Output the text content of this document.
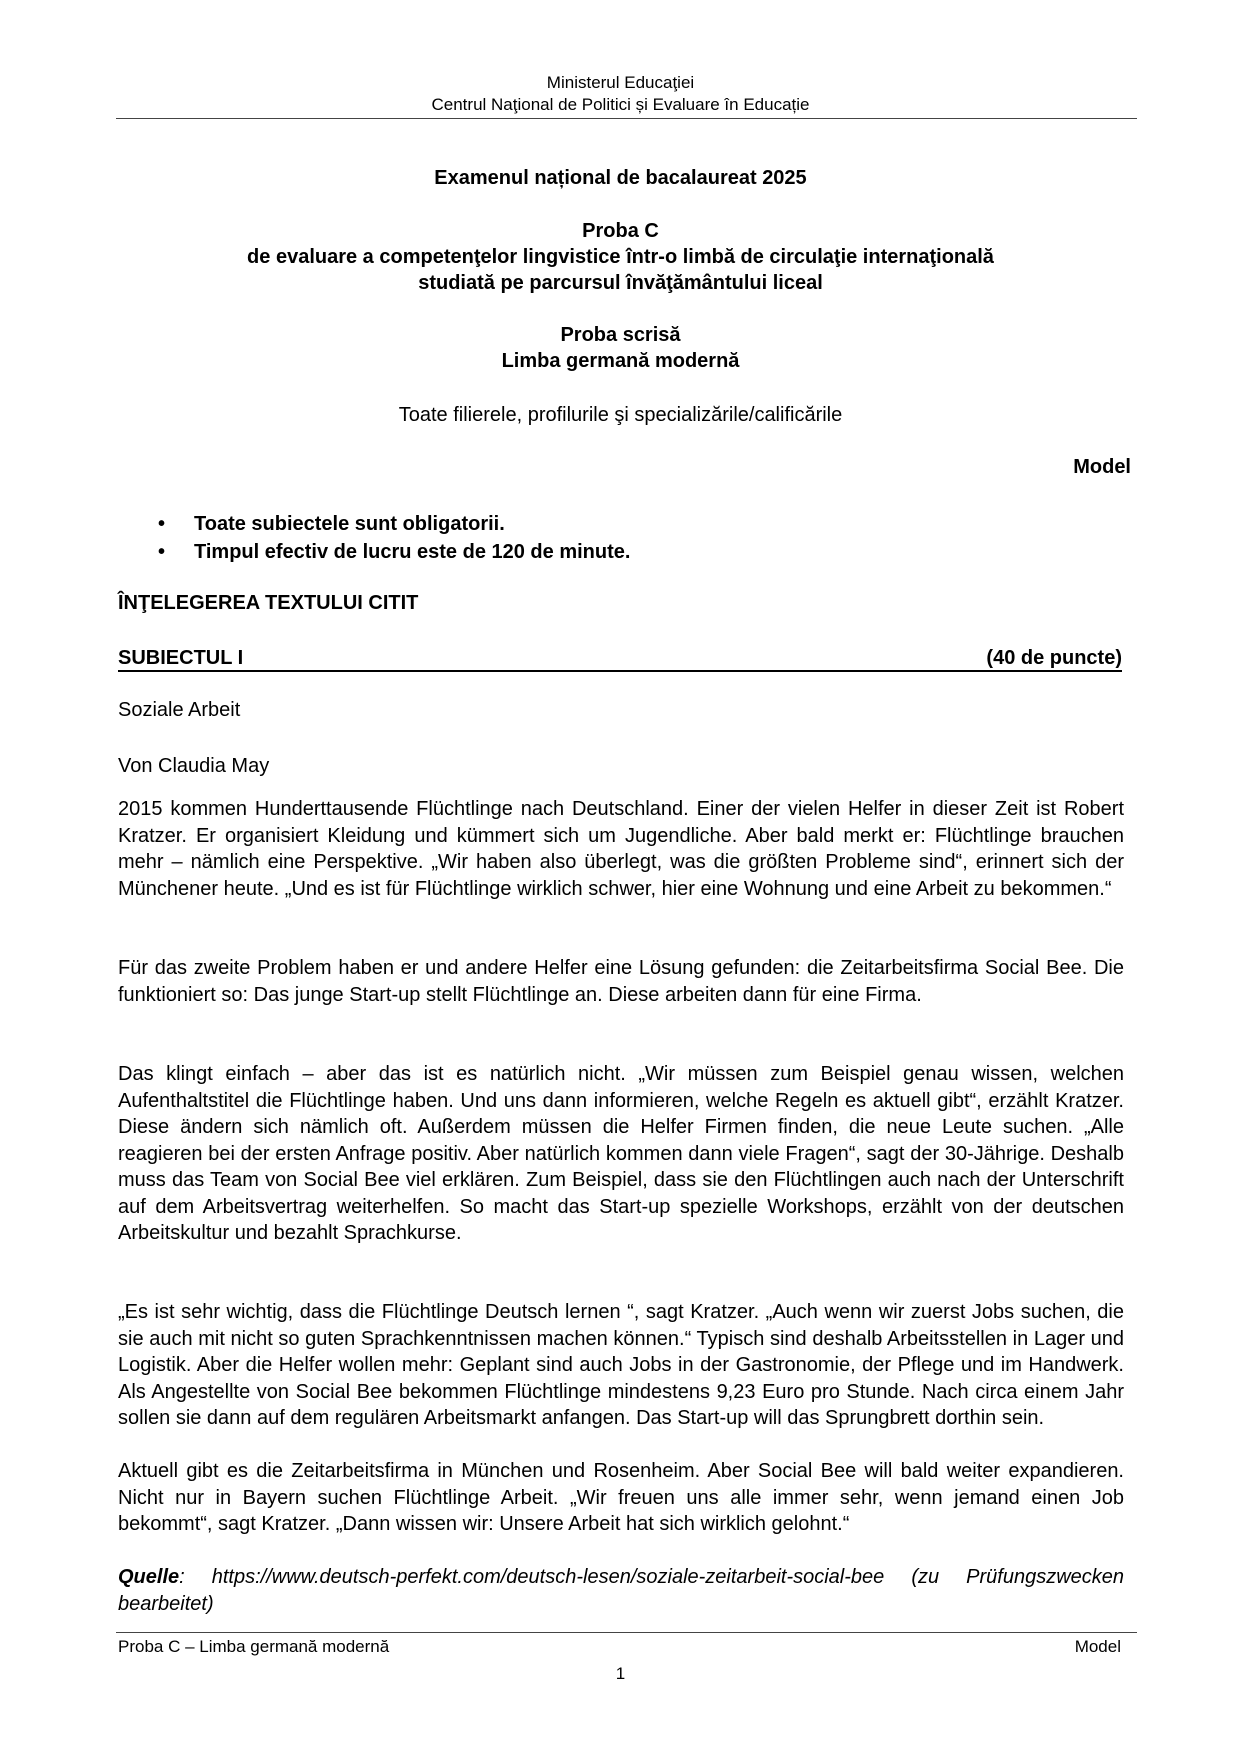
Ministerul Educaţiei
Centrul Naţional de Politici și Evaluare în Educație
Examenul național de bacalaureat 2025
Proba C
de evaluare a competenţelor lingvistice într-o limbă de circulaţie internaţională
studiată pe parcursul învăţământului liceal
Proba scrisă
Limba germană modernă
Toate filierele, profilurile şi specializările/calificările
Model
• Toate subiectele sunt obligatorii.
• Timpul efectiv de lucru este de 120 de minute.
ÎNŢELEGEREA TEXTULUI CITIT
SUBIECTUL I	(40 de puncte)
Soziale Arbeit
Von Claudia May

2015 kommen Hunderttausende Flüchtlinge nach Deutschland. Einer der vielen Helfer in dieser Zeit ist Robert Kratzer. Er organisiert Kleidung und kümmert sich um Jugendliche. Aber bald merkt er: Flüchtlinge brauchen mehr – nämlich eine Perspektive. „Wir haben also überlegt, was die größten Probleme sind“, erinnert sich der Münchener heute. „Und es ist für Flüchtlinge wirklich schwer, hier eine Wohnung und eine Arbeit zu bekommen.“

Für das zweite Problem haben er und andere Helfer eine Lösung gefunden: die Zeitarbeitsfirma Social Bee. Die funktioniert so: Das junge Start-up stellt Flüchtlinge an. Diese arbeiten dann für eine Firma.

Das klingt einfach – aber das ist es natürlich nicht. „Wir müssen zum Beispiel genau wissen, welchen Aufenthaltstitel die Flüchtlinge haben. Und uns dann informieren, welche Regeln es aktuell gibt“, erzählt Kratzer. Diese ändern sich nämlich oft. Außerdem müssen die Helfer Firmen finden, die neue Leute suchen. „Alle reagieren bei der ersten Anfrage positiv. Aber natürlich kommen dann viele Fragen“, sagt der 30-Jährige. Deshalb muss das Team von Social Bee viel erklären. Zum Beispiel, dass sie den Flüchtlingen auch nach der Unterschrift auf dem Arbeitsvertrag weiterhelfen. So macht das Start-up spezielle Workshops, erzählt von der deutschen Arbeitskultur und bezahlt Sprachkurse.

„Es ist sehr wichtig, dass die Flüchtlinge Deutsch lernen “, sagt Kratzer. „Auch wenn wir zuerst Jobs suchen, die sie auch mit nicht so guten Sprachkenntnissen machen können.“ Typisch sind deshalb Arbeitsstellen in Lager und Logistik. Aber die Helfer wollen mehr: Geplant sind auch Jobs in der Gastronomie, der Pflege und im Handwerk. Als Angestellte von Social Bee bekommen Flüchtlinge mindestens 9,23 Euro pro Stunde. Nach circa einem Jahr sollen sie dann auf dem regulären Arbeitsmarkt anfangen. Das Start-up will das Sprungbrett dorthin sein.

Aktuell gibt es die Zeitarbeitsfirma in München und Rosenheim. Aber Social Bee will bald weiter expandieren. Nicht nur in Bayern suchen Flüchtlinge Arbeit. „Wir freuen uns alle immer sehr, wenn jemand einen Job bekommt“, sagt Kratzer. „Dann wissen wir: Unsere Arbeit hat sich wirklich gelohnt.“

Quelle: https://www.deutsch-perfekt.com/deutsch-lesen/soziale-zeitarbeit-social-bee (zu Prüfungszwecken bearbeitet)

Proba C – Limba germană modernă	Model
1
